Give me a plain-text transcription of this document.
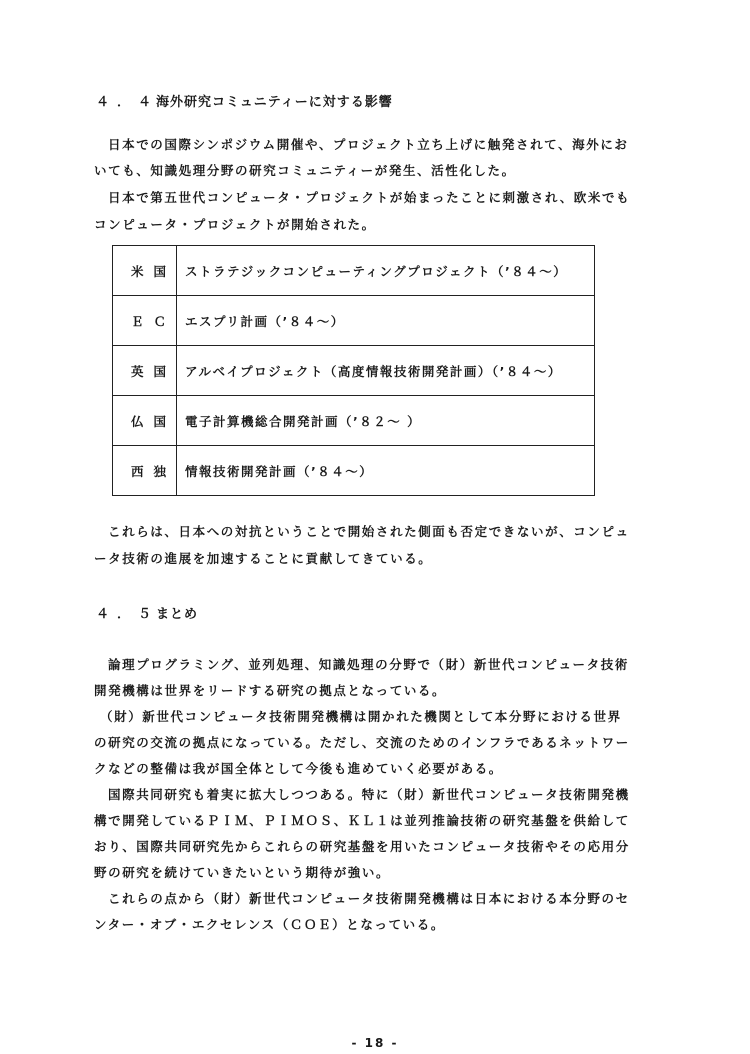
４．４海外研究コミュニティーに対する影響
日本での国際シンポジウム開催や、プロジェクト立ち上げに触発されて、海外にお
いても、知識処理分野の研究コミュニティーが発生、活性化した。
日本で第五世代コンピュータ・プロジェクトが始まったことに刺激され、欧米でも
コンピュータ・プロジェクトが開始された。
米国	ストラテジックコンピューティングプロジェクト（’８４〜）
ＥＣ	エスプリ計画（’８４〜）
英国	アルベイプロジェクト（高度情報技術開発計画）（’８４〜）
仏国	電子計算機総合開発計画（’８２〜 ）
西独	情報技術開発計画（’８４〜）
これらは、日本への対抗ということで開始された側面も否定できないが、コンピュ
ータ技術の進展を加速することに貢献してきている。
４．５まとめ
論理プログラミング、並列処理、知識処理の分野で（財）新世代コンピュータ技術
開発機構は世界をリードする研究の拠点となっている。
（財）新世代コンピュータ技術開発機構は開かれた機関として本分野における世界
の研究の交流の拠点になっている。ただし、交流のためのインフラであるネットワー
クなどの整備は我が国全体として今後も進めていく必要がある。
国際共同研究も着実に拡大しつつある。特に（財）新世代コンピュータ技術開発機
構で開発しているＰＩＭ、ＰＩＭＯＳ、ＫＬ１は並列推論技術の研究基盤を供給して
おり、国際共同研究先からこれらの研究基盤を用いたコンピュータ技術やその応用分
野の研究を続けていきたいという期待が強い。
これらの点から（財）新世代コンピュータ技術開発機構は日本における本分野のセ
ンター・オブ・エクセレンス（ＣＯＥ）となっている。
- 18 -
